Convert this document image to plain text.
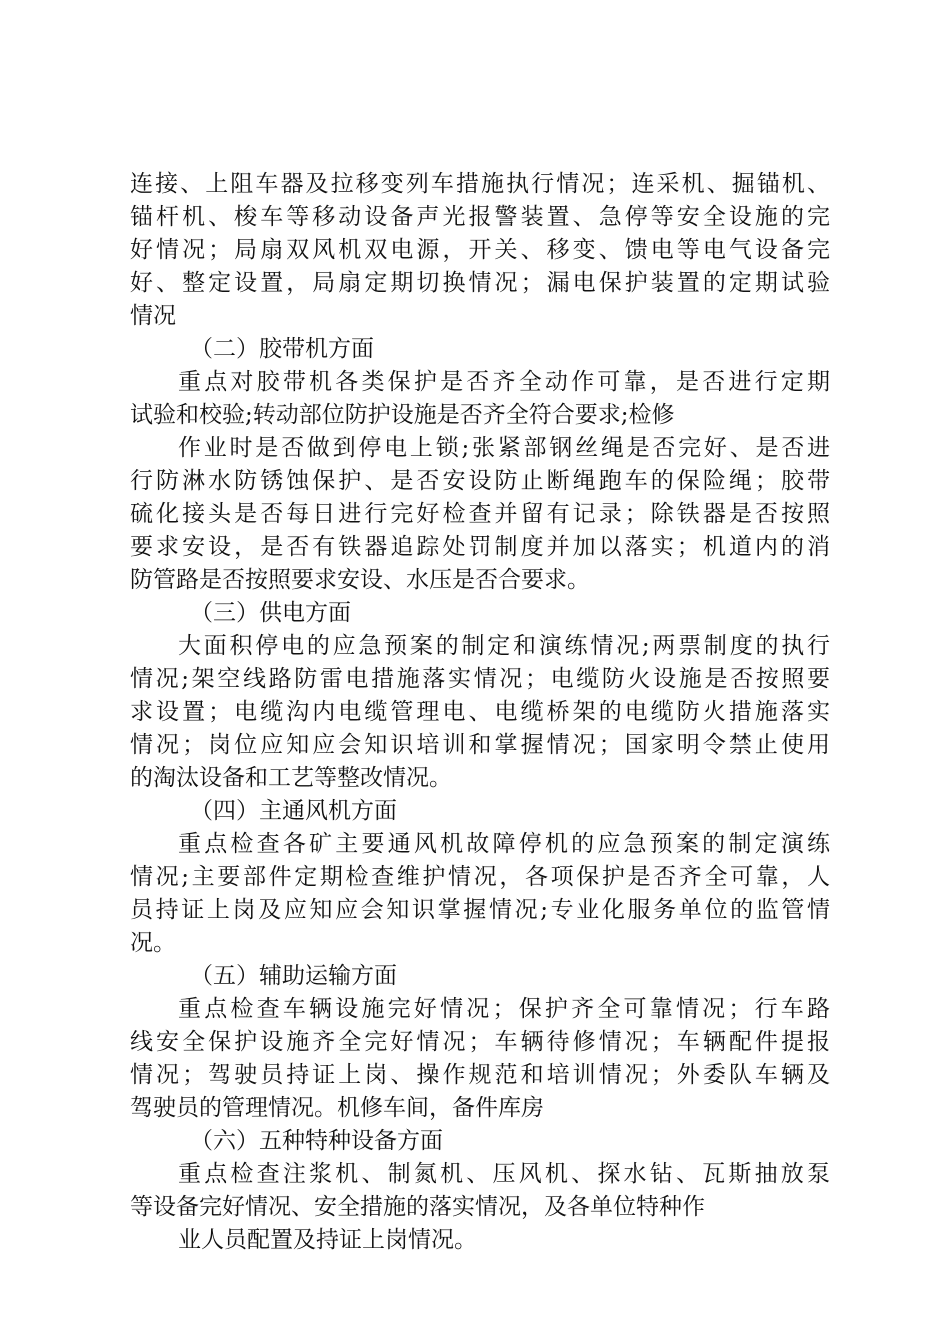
连接、上阻车器及拉移变列车措施执行情况；连采机、掘锚机、
锚杆机、梭车等移动设备声光报警装置、急停等安全设施的完
好情况；局扇双风机双电源，开关、移变、馈电等电气设备完
好、整定设置，局扇定期切换情况；漏电保护装置的定期试验
情况
（二）胶带机方面
重点对胶带机各类保护是否齐全动作可靠，是否进行定期
试验和校验;转动部位防护设施是否齐全符合要求;检修
作业时是否做到停电上锁;张紧部钢丝绳是否完好、是否进
行防淋水防锈蚀保护、是否安设防止断绳跑车的保险绳；胶带
硫化接头是否每日进行完好检查并留有记录；除铁器是否按照
要求安设，是否有铁器追踪处罚制度并加以落实；机道内的消
防管路是否按照要求安设、水压是否合要求。
（三）供电方面
大面积停电的应急预案的制定和演练情况;两票制度的执行
情况;架空线路防雷电措施落实情况；电缆防火设施是否按照要
求设置；电缆沟内电缆管理电、电缆桥架的电缆防火措施落实
情况；岗位应知应会知识培训和掌握情况；国家明令禁止使用
的淘汰设备和工艺等整改情况。
（四）主通风机方面
重点检查各矿主要通风机故障停机的应急预案的制定演练
情况;主要部件定期检查维护情况，各项保护是否齐全可靠，人
员持证上岗及应知应会知识掌握情况;专业化服务单位的监管情
况。
（五）辅助运输方面
重点检查车辆设施完好情况；保护齐全可靠情况；行车路
线安全保护设施齐全完好情况；车辆待修情况；车辆配件提报
情况；驾驶员持证上岗、操作规范和培训情况；外委队车辆及
驾驶员的管理情况。机修车间，备件库房
（六）五种特种设备方面
重点检查注浆机、制氮机、压风机、探水钻、瓦斯抽放泵
等设备完好情况、安全措施的落实情况，及各单位特种作
业人员配置及持证上岗情况。
